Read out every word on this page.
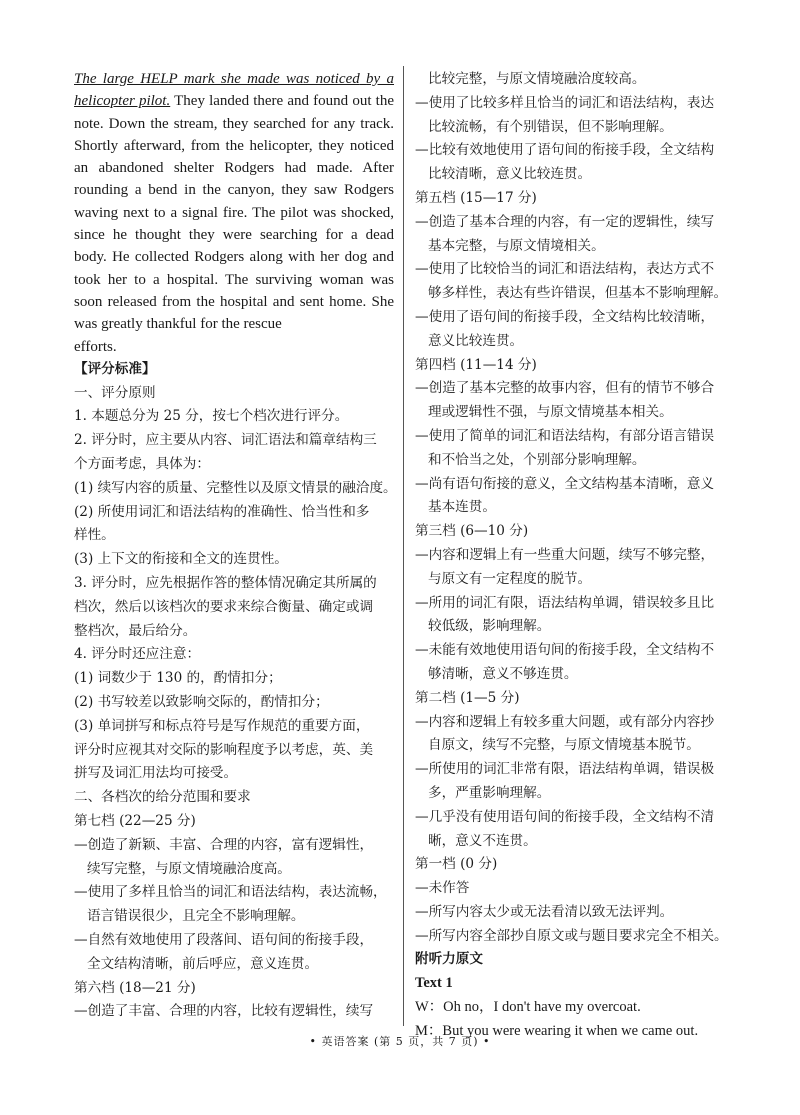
The large HELP mark she made was noticed by a helicopter pilot. They landed there and found out the note. Down the stream, they searched for any track. Shortly afterward, from the helicopter, they noticed an abandoned shelter Rodgers had made. After rounding a bend in the canyon, they saw Rodgers waving next to a signal fire. The pilot was shocked, since he thought they were searching for a dead body. He collected Rodgers along with her dog and took her to a hospital. The surviving woman was soon released from the hospital and sent home. She was greatly thankful for the rescue
efforts.

【评分标准】
一、评分原则
1. 本题总分为 25 分，按七个档次进行评分。
2. 评分时，应主要从内容、词汇语法和篇章结构三
个方面考虑，具体为：
(1) 续写内容的质量、完整性以及原文情景的融洽度。
(2) 所使用词汇和语法结构的准确性、恰当性和多
样性。
(3) 上下文的衔接和全文的连贯性。
3. 评分时，应先根据作答的整体情况确定其所属的
档次，然后以该档次的要求来综合衡量、确定或调
整档次，最后给分。
4. 评分时还应注意：
(1) 词数少于 130 的，酌情扣分；
(2) 书写较差以致影响交际的，酌情扣分；
(3) 单词拼写和标点符号是写作规范的重要方面，
评分时应视其对交际的影响程度予以考虑，英、美
拼写及词汇用法均可接受。
二、各档次的给分范围和要求
第七档 (22—25 分)
—创造了新颖、丰富、合理的内容，富有逻辑性，
续写完整，与原文情境融洽度高。
—使用了多样且恰当的词汇和语法结构，表达流畅，
语言错误很少，且完全不影响理解。
—自然有效地使用了段落间、语句间的衔接手段，
全文结构清晰，前后呼应，意义连贯。
第六档 (18—21 分)
—创造了丰富、合理的内容，比较有逻辑性，续写
比较完整，与原文情境融洽度较高。
—使用了比较多样且恰当的词汇和语法结构，表达
比较流畅，有个别错误，但不影响理解。
—比较有效地使用了语句间的衔接手段，全文结构
比较清晰，意义比较连贯。
第五档 (15—17 分)
—创造了基本合理的内容，有一定的逻辑性，续写
基本完整，与原文情境相关。
—使用了比较恰当的词汇和语法结构，表达方式不
够多样性，表达有些许错误，但基本不影响理解。
—使用了语句间的衔接手段，全文结构比较清晰，
意义比较连贯。
第四档 (11—14 分)
—创造了基本完整的故事内容，但有的情节不够合
理或逻辑性不强，与原文情境基本相关。
—使用了简单的词汇和语法结构，有部分语言错误
和不恰当之处，个别部分影响理解。
—尚有语句衔接的意义，全文结构基本清晰，意义
基本连贯。
第三档 (6—10 分)
—内容和逻辑上有一些重大问题，续写不够完整，
与原文有一定程度的脱节。
—所用的词汇有限，语法结构单调，错误较多且比
较低级，影响理解。
—未能有效地使用语句间的衔接手段，全文结构不
够清晰，意义不够连贯。
第二档 (1—5 分)
—内容和逻辑上有较多重大问题，或有部分内容抄
自原文，续写不完整，与原文情境基本脱节。
—所使用的词汇非常有限，语法结构单调，错误极
多，严重影响理解。
—几乎没有使用语句间的衔接手段，全文结构不清
晰，意义不连贯。
第一档 (0 分)
—未作答
—所写内容太少或无法看清以致无法评判。
—所写内容全部抄自原文或与题目要求完全不相关。
附听力原文
Text 1
W：Oh no，I don't have my overcoat.
M：But you were wearing it when we came out.
• 英语答案 (第 5 页，共 7 页) •
